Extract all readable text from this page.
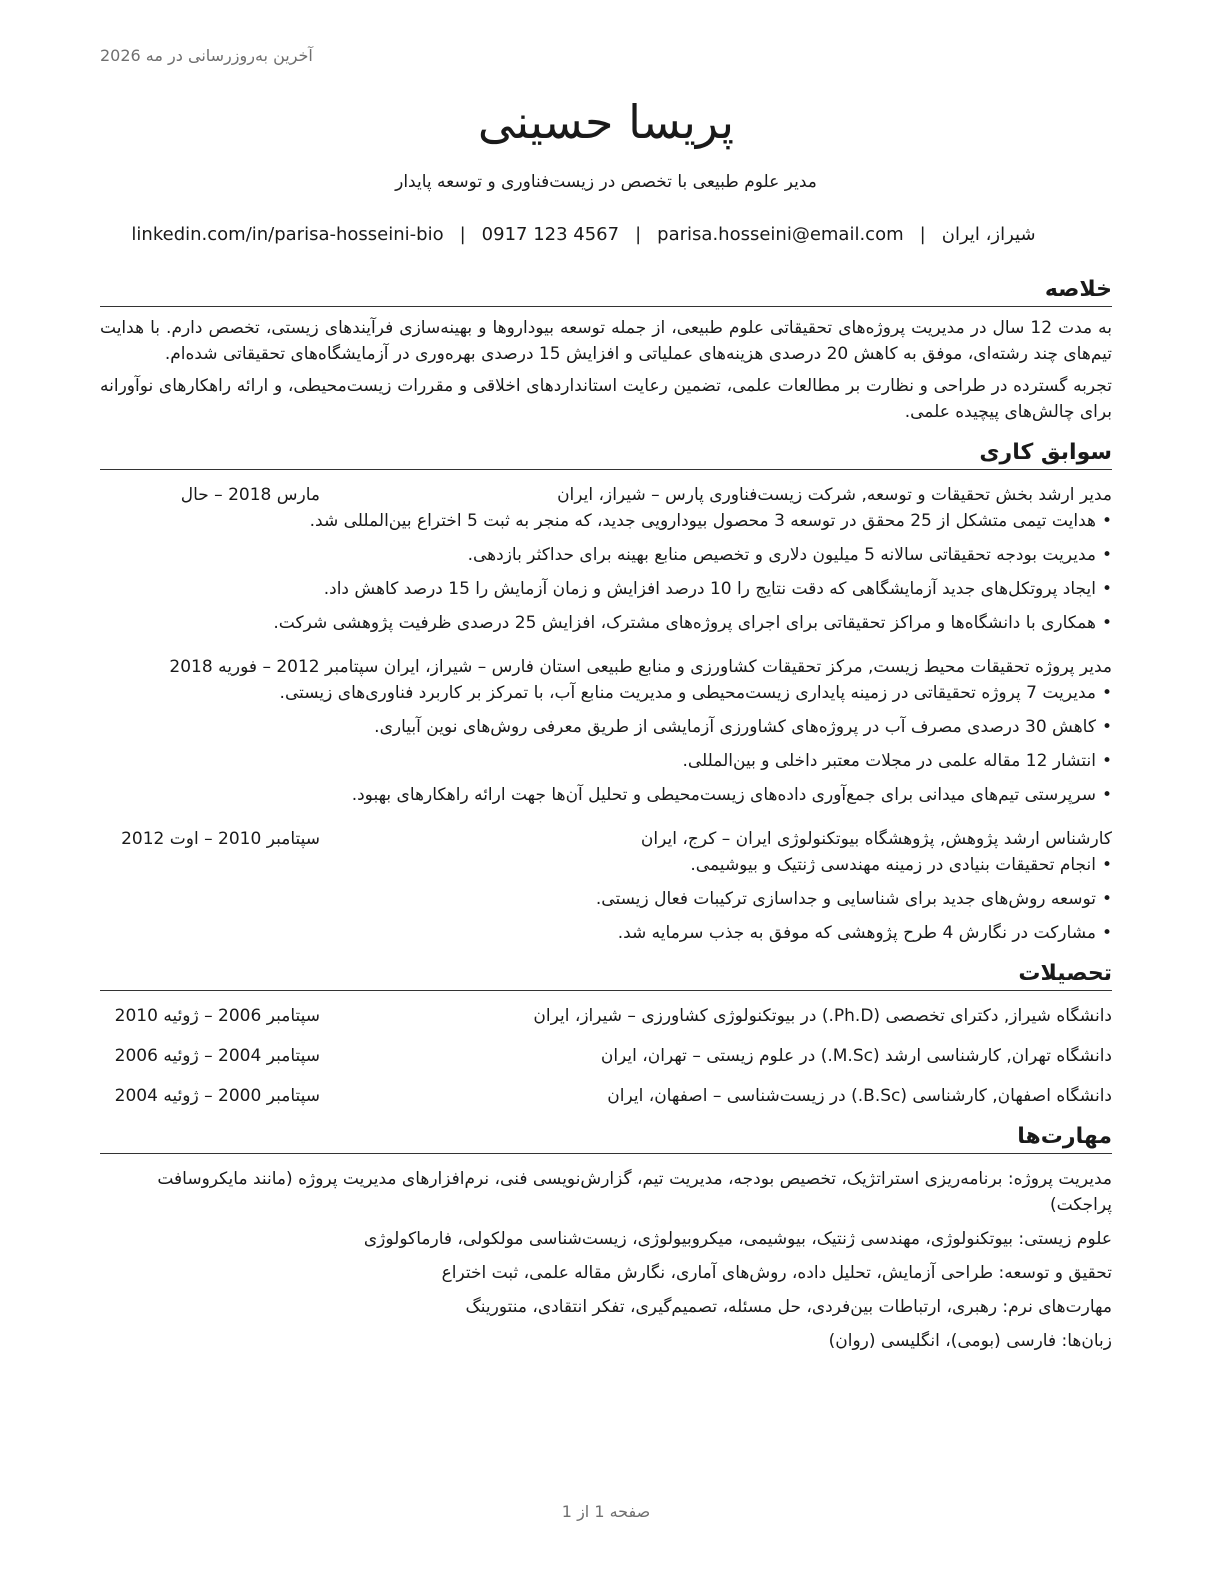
آخرین به‌روزرسانی در مه 2026
پریسا حسینی
مدیر علوم طبیعی با تخصص در زیست‌فناوری و توسعه پایدار
شیراز، ایران|parisa.hosseini@email.com|0917 123 4567|linkedin.com/in/parisa-hosseini-bio
خلاصه

به مدت 12 سال در مدیریت پروژه‌های تحقیقاتی علوم طبیعی، از جمله توسعه بیوداروها و بهینه‌سازی فرآیندهای زیستی، تخصص دارم. با هدایت تیم‌های چند رشته‌ای، موفق به کاهش 20 درصدی هزینه‌های عملیاتی و افزایش 15 درصدی بهره‌وری در آزمایشگاه‌های تحقیقاتی شده‌ام.

تجربه گسترده در طراحی و نظارت بر مطالعات علمی، تضمین رعایت استانداردهای اخلاقی و مقررات زیست‌محیطی، و ارائه راهکارهای نوآورانه برای چالش‌های پیچیده علمی.

سوابق کاری
مدیر ارشد بخش تحقیقات و توسعه, شرکت زیست‌فناوری پارس – شیراز، ایران
مارس 2018 – حال
• هدایت تیمی متشکل از 25 محقق در توسعه 3 محصول بیودارویی جدید، که منجر به ثبت 5 اختراع بین‌المللی شد.
• مدیریت بودجه تحقیقاتی سالانه 5 میلیون دلاری و تخصیص منابع بهینه برای حداکثر بازدهی.
• ایجاد پروتکل‌های جدید آزمایشگاهی که دقت نتایج را 10 درصد افزایش و زمان آزمایش را 15 درصد کاهش داد.
• همکاری با دانشگاه‌ها و مراکز تحقیقاتی برای اجرای پروژه‌های مشترک، افزایش 25 درصدی ظرفیت پژوهشی شرکت.
مدیر پروژه تحقیقات محیط زیست, مرکز تحقیقات کشاورزی و منابع طبیعی استان فارس – شیراز، ایران سپتامبر 2012 – فوریه 2018
• مدیریت 7 پروژه تحقیقاتی در زمینه پایداری زیست‌محیطی و مدیریت منابع آب، با تمرکز بر کاربرد فناوری‌های زیستی.
• کاهش 30 درصدی مصرف آب در پروژه‌های کشاورزی آزمایشی از طریق معرفی روش‌های نوین آبیاری.
• انتشار 12 مقاله علمی در مجلات معتبر داخلی و بین‌المللی.
• سرپرستی تیم‌های میدانی برای جمع‌آوری داده‌های زیست‌محیطی و تحلیل آن‌ها جهت ارائه راهکارهای بهبود.
کارشناس ارشد پژوهش, پژوهشگاه بیوتکنولوژی ایران – کرج، ایران
سپتامبر 2010 – اوت 2012
• انجام تحقیقات بنیادی در زمینه مهندسی ژنتیک و بیوشیمی.
• توسعه روش‌های جدید برای شناسایی و جداسازی ترکیبات فعال زیستی.
• مشارکت در نگارش 4 طرح پژوهشی که موفق به جذب سرمایه شد.
تحصیلات
دانشگاه شیراز, دکترای تخصصی (Ph.D.) در بیوتکنولوژی کشاورزی – شیراز، ایران
سپتامبر 2006 – ژوئیه 2010
دانشگاه تهران, کارشناسی ارشد (M.Sc.) در علوم زیستی – تهران، ایران
سپتامبر 2004 – ژوئیه 2006
دانشگاه اصفهان, کارشناسی (B.Sc.) در زیست‌شناسی – اصفهان، ایران
سپتامبر 2000 – ژوئیه 2004
مهارت‌ها
مدیریت پروژه: برنامه‌ریزی استراتژیک، تخصیص بودجه، مدیریت تیم، گزارش‌نویسی فنی، نرم‌افزارهای مدیریت پروژه (مانند مایکروسافت پراجکت)
علوم زیستی: بیوتکنولوژی، مهندسی ژنتیک، بیوشیمی، میکروبیولوژی، زیست‌شناسی مولکولی، فارماکولوژی
تحقیق و توسعه: طراحی آزمایش، تحلیل داده، روش‌های آماری، نگارش مقاله علمی، ثبت اختراع
مهارت‌های نرم: رهبری، ارتباطات بین‌فردی، حل مسئله، تصمیم‌گیری، تفکر انتقادی، منتورینگ
زبان‌ها: فارسی (بومی)، انگلیسی (روان)
صفحه 1 از 1
